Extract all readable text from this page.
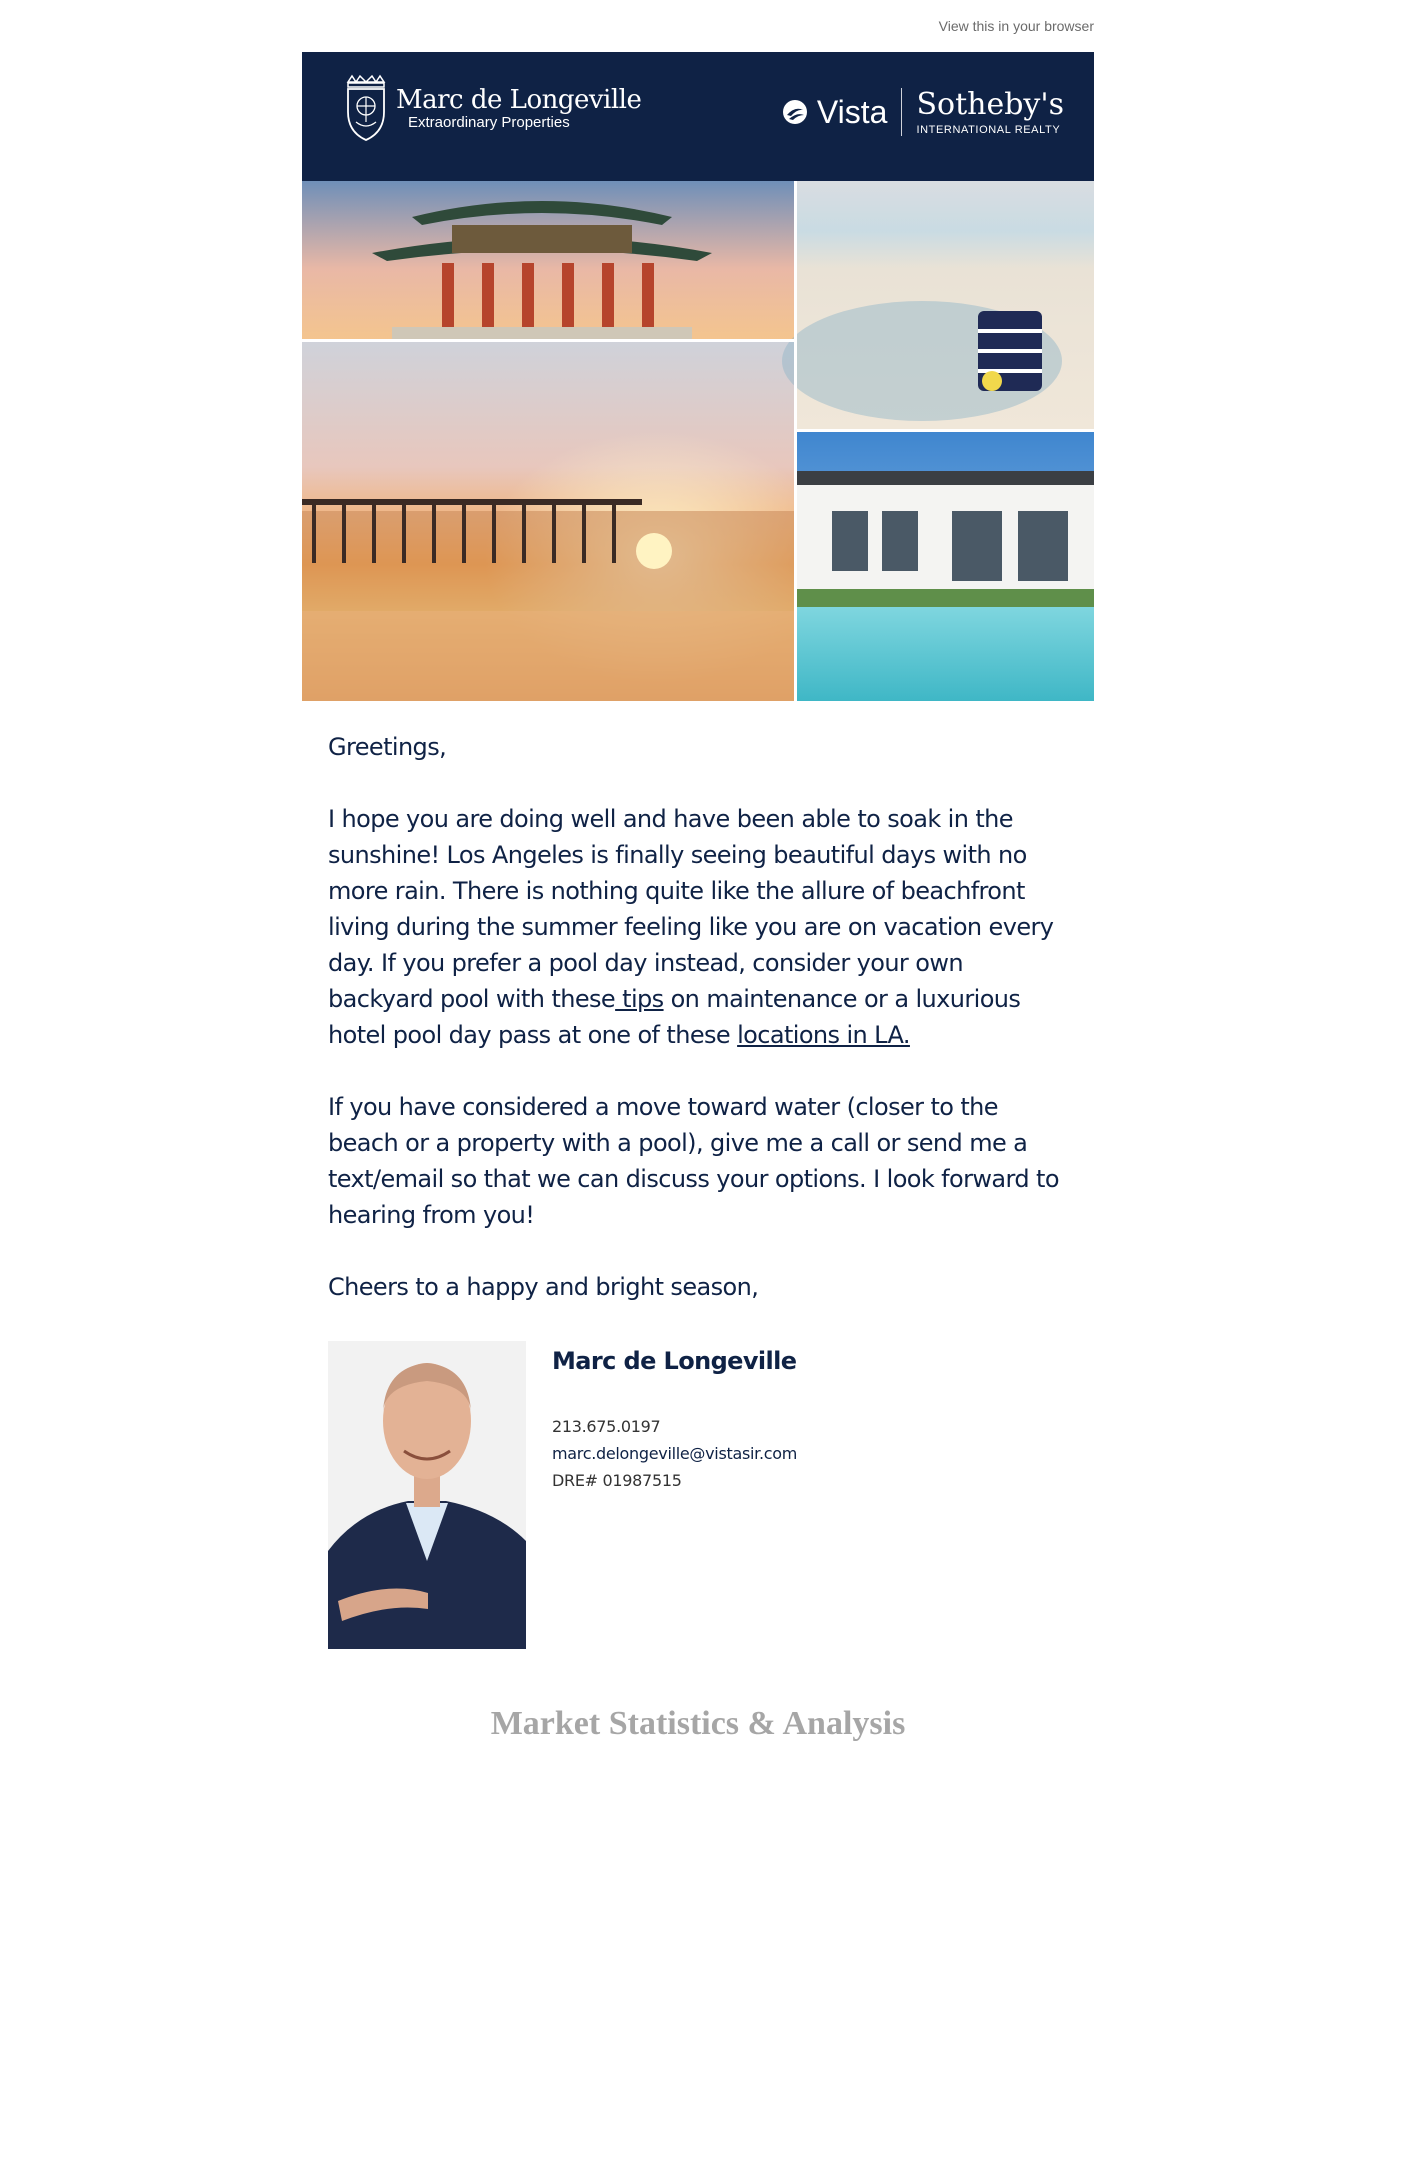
View this in your browser
Marc de Longeville
Extraordinary Properties	Vista Sotheby's
INTERNATIONAL REALTY

Greetings,

I hope you are doing well and have been able to soak in the sunshine! Los Angeles is finally seeing beautiful days with no more rain. There is nothing quite like the allure of beachfront living during the summer feeling like you are on vacation every day. If you prefer a pool day instead, consider your own backyard pool with these tips on maintenance or a luxurious hotel pool day pass at one of these locations in LA.

If you have considered a move toward water (closer to the beach or a property with a pool), give me a call or send me a text/email so that we can discuss your options. I look forward to hearing from you!

Cheers to a happy and bright season,

Marc de Longeville
213.675.0197
marc.delongeville@vistasir.com
DRE# 01987515
Market Statistics & Analysis
